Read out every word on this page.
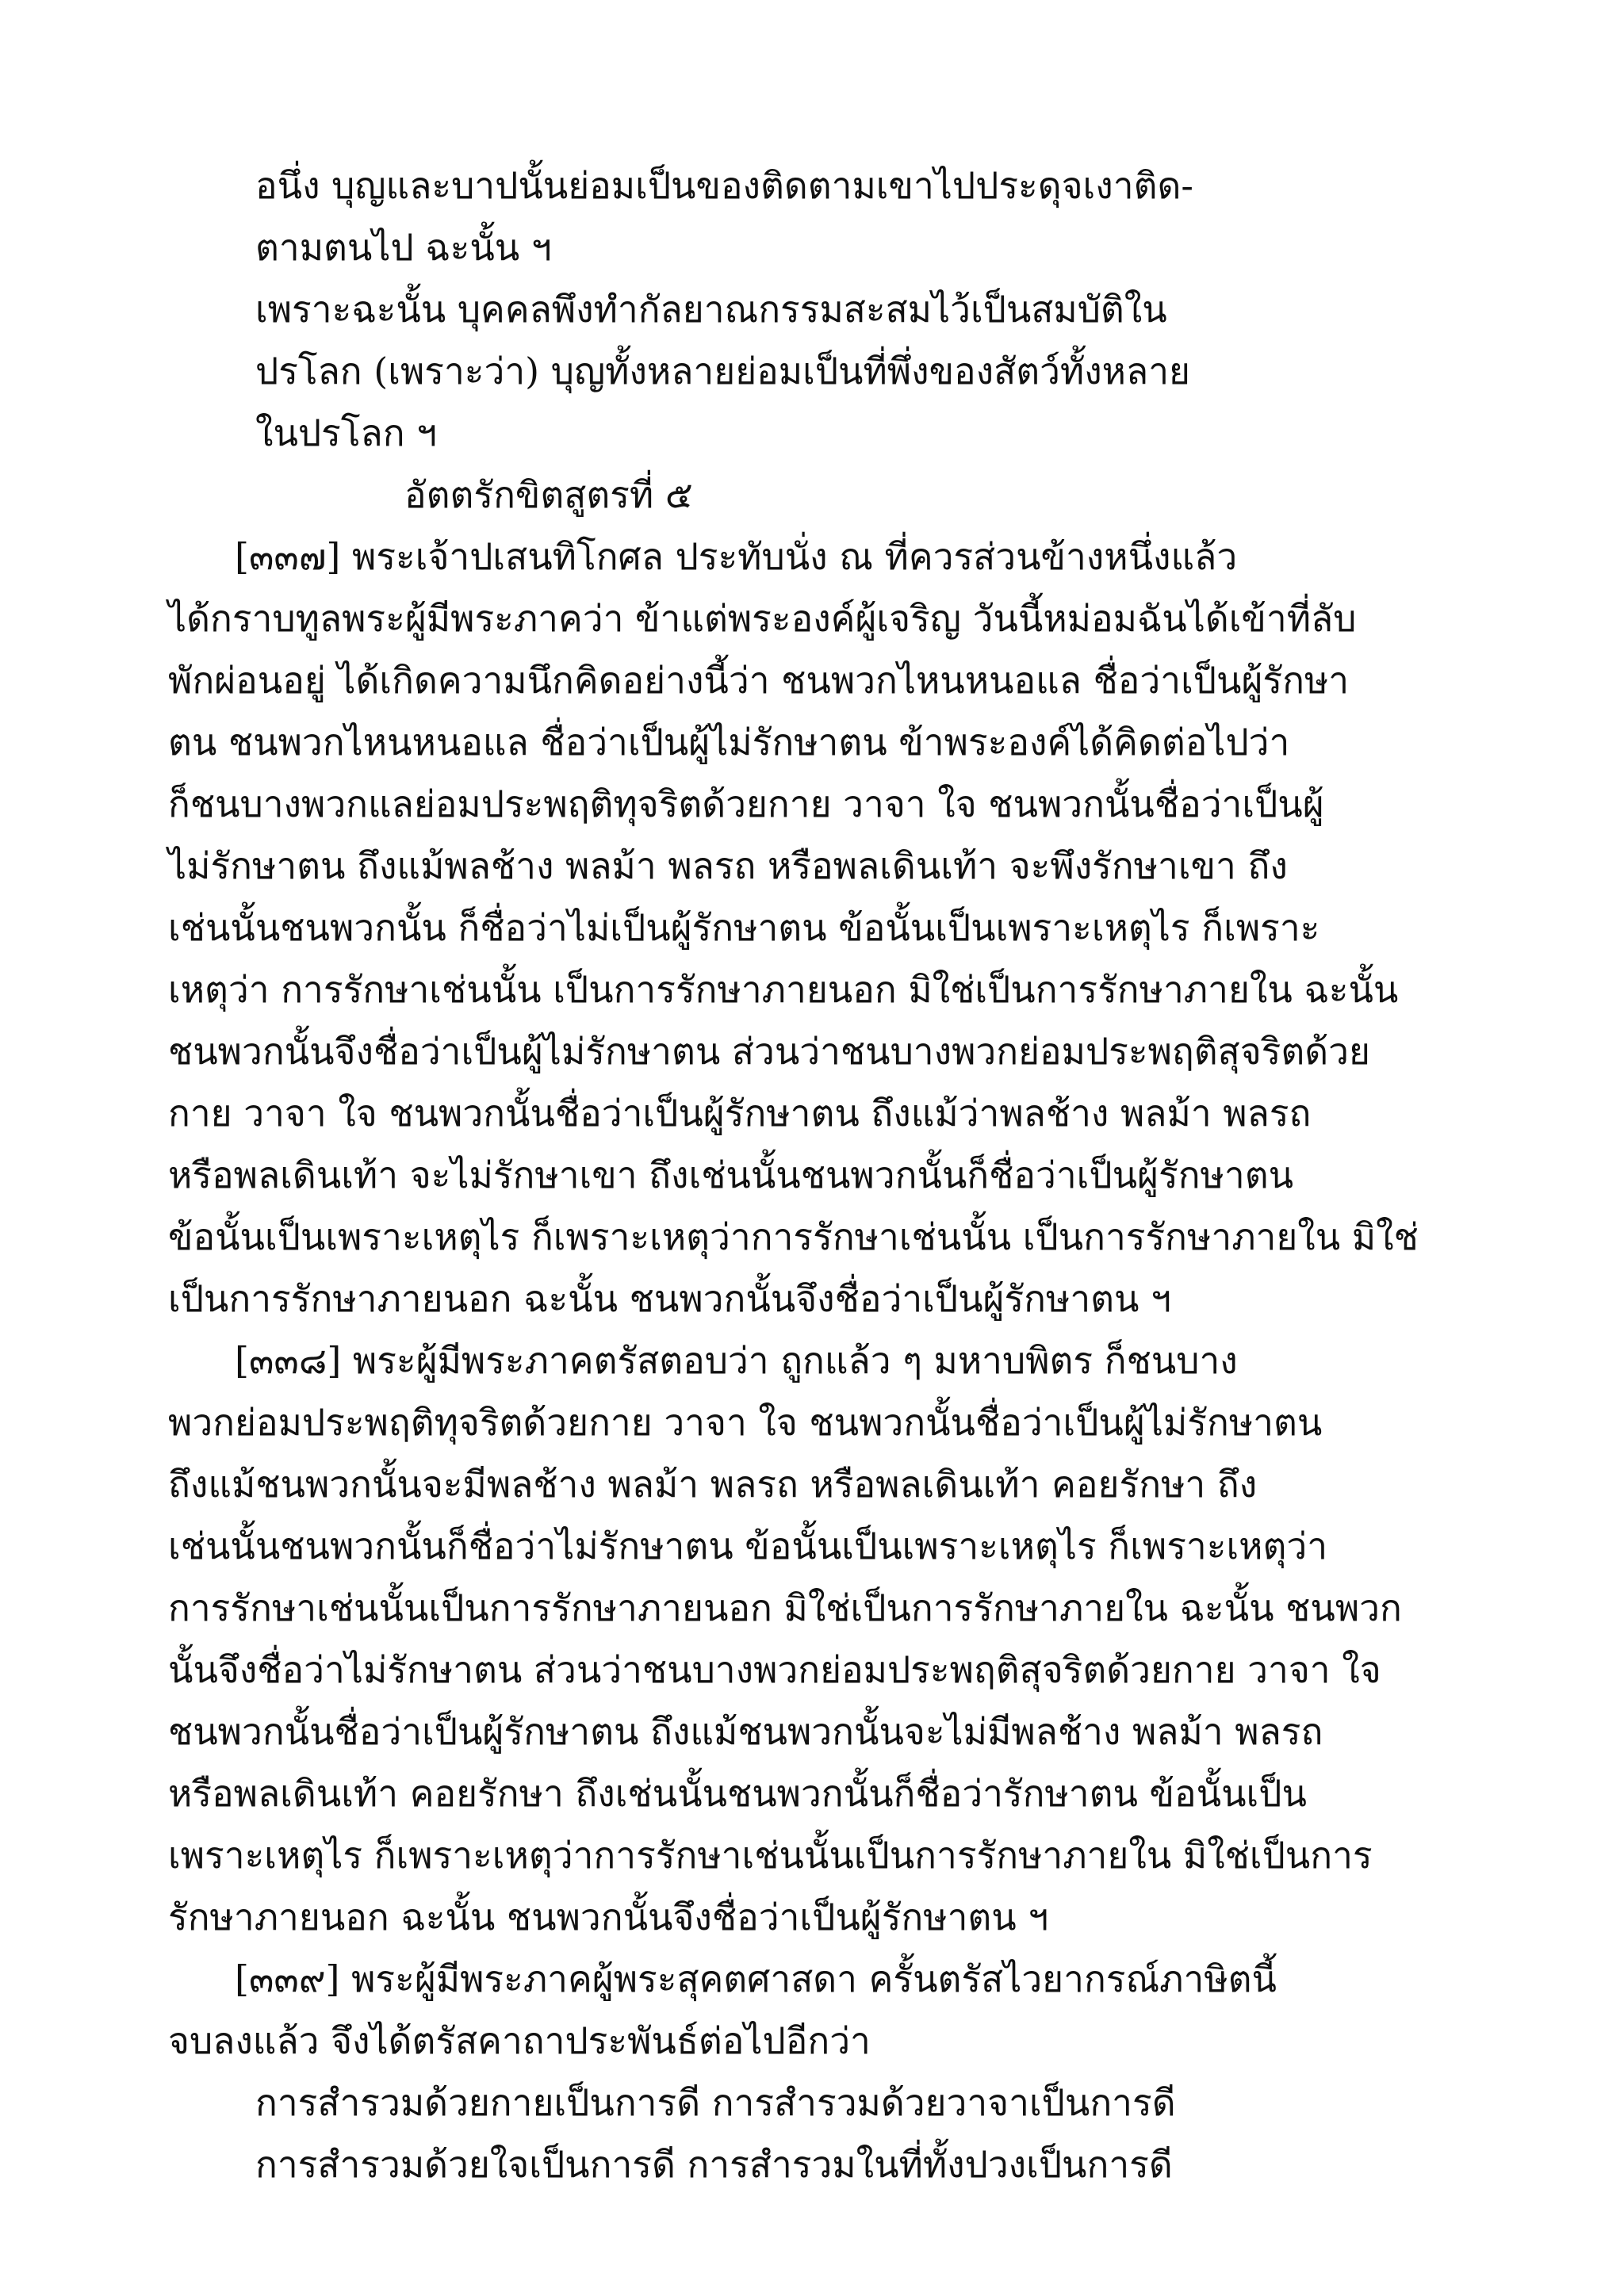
อนึ่ง บุญและบาปนั้นย่อมเป็นของติดตามเขาไปประดุจเงาติด-
ตามตนไป ฉะนั้น ฯ
เพราะฉะนั้น บุคคลพึงทำกัลยาณกรรมสะสมไว้เป็นสมบัติใน
ปรโลก (เพราะว่า) บุญทั้งหลายย่อมเป็นที่พึ่งของสัตว์ทั้งหลาย
ในปรโลก ฯ
อัตตรักขิตสูตรที่ ๕
[๓๓๗] พระเจ้าปเสนทิโกศล ประทับนั่ง ณ ที่ควรส่วนข้างหนึ่งแล้ว
ได้กราบทูลพระผู้มีพระภาคว่า ข้าแต่พระองค์ผู้เจริญ วันนี้หม่อมฉันได้เข้าที่ลับ
พักผ่อนอยู่ ได้เกิดความนึกคิดอย่างนี้ว่า ชนพวกไหนหนอแล ชื่อว่าเป็นผู้รักษา
ตน ชนพวกไหนหนอแล ชื่อว่าเป็นผู้ไม่รักษาตน ข้าพระองค์ได้คิดต่อไปว่า
ก็ชนบางพวกแลย่อมประพฤติทุจริตด้วยกาย วาจา ใจ ชนพวกนั้นชื่อว่าเป็นผู้
ไม่รักษาตน ถึงแม้พลช้าง พลม้า พลรถ หรือพลเดินเท้า จะพึงรักษาเขา ถึง
เช่นนั้นชนพวกนั้น ก็ชื่อว่าไม่เป็นผู้รักษาตน ข้อนั้นเป็นเพราะเหตุไร ก็เพราะ
เหตุว่า การรักษาเช่นนั้น เป็นการรักษาภายนอก มิใช่เป็นการรักษาภายใน ฉะนั้น
ชนพวกนั้นจึงชื่อว่าเป็นผู้ไม่รักษาตน ส่วนว่าชนบางพวกย่อมประพฤติสุจริตด้วย
กาย วาจา ใจ ชนพวกนั้นชื่อว่าเป็นผู้รักษาตน ถึงแม้ว่าพลช้าง พลม้า พลรถ
หรือพลเดินเท้า จะไม่รักษาเขา ถึงเช่นนั้นชนพวกนั้นก็ชื่อว่าเป็นผู้รักษาตน
ข้อนั้นเป็นเพราะเหตุไร ก็เพราะเหตุว่าการรักษาเช่นนั้น เป็นการรักษาภายใน มิใช่
เป็นการรักษาภายนอก ฉะนั้น ชนพวกนั้นจึงชื่อว่าเป็นผู้รักษาตน ฯ
[๓๓๘] พระผู้มีพระภาคตรัสตอบว่า ถูกแล้ว ๆ มหาบพิตร ก็ชนบาง
พวกย่อมประพฤติทุจริตด้วยกาย วาจา ใจ ชนพวกนั้นชื่อว่าเป็นผู้ไม่รักษาตน
ถึงแม้ชนพวกนั้นจะมีพลช้าง พลม้า พลรถ หรือพลเดินเท้า คอยรักษา ถึง
เช่นนั้นชนพวกนั้นก็ชื่อว่าไม่รักษาตน ข้อนั้นเป็นเพราะเหตุไร ก็เพราะเหตุว่า
การรักษาเช่นนั้นเป็นการรักษาภายนอก มิใช่เป็นการรักษาภายใน ฉะนั้น ชนพวก
นั้นจึงชื่อว่าไม่รักษาตน ส่วนว่าชนบางพวกย่อมประพฤติสุจริตด้วยกาย วาจา ใจ
ชนพวกนั้นชื่อว่าเป็นผู้รักษาตน ถึงแม้ชนพวกนั้นจะไม่มีพลช้าง พลม้า พลรถ
หรือพลเดินเท้า คอยรักษา ถึงเช่นนั้นชนพวกนั้นก็ชื่อว่ารักษาตน ข้อนั้นเป็น
เพราะเหตุไร ก็เพราะเหตุว่าการรักษาเช่นนั้นเป็นการรักษาภายใน มิใช่เป็นการ
รักษาภายนอก ฉะนั้น ชนพวกนั้นจึงชื่อว่าเป็นผู้รักษาตน ฯ
[๓๓๙] พระผู้มีพระภาคผู้พระสุคตศาสดา ครั้นตรัสไวยากรณ์ภาษิตนี้
จบลงแล้ว จึงได้ตรัสคาถาประพันธ์ต่อไปอีกว่า
การสำรวมด้วยกายเป็นการดี การสำรวมด้วยวาจาเป็นการดี
การสำรวมด้วยใจเป็นการดี การสำรวมในที่ทั้งปวงเป็นการดี
